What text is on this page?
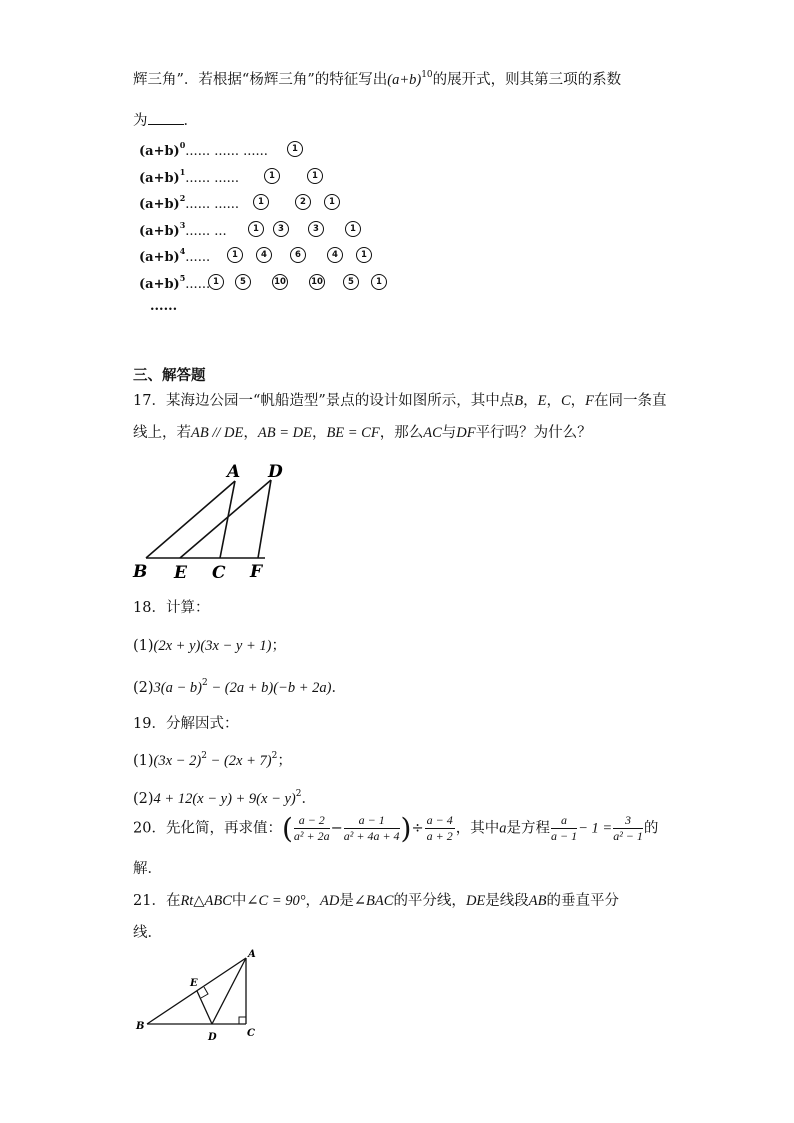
辉三角”．若根据“杨辉三角”的特征写出$(a+b)^{10}$的展开式，则其第三项的系数
为 ．
$(a+b)^0$...... ...... ......	1
$(a+b)^1$...... ......	1	1
$(a+b)^2$...... ......	1	2	1
$(a+b)^3$...... ...	1	3	3	1
$(a+b)^4$......	1	4	6	4	1
$(a+b)^5$...... 1	5	10	10	5	1
......
三、解答题
17．某海边公园一“帆船造型”景点的设计如图所示，其中点B，E，C，F在同一条直
线上，若AB // DE，AB = DE，BE = CF，那么AC与DF平行吗？为什么？
A D
B E C F
18．计算：
(1)(2x + y)(3x − y + 1)；
$(2)3(a - b)^2 - (2a + b)(-b + 2a)$．
19．分解因式：
$(1)(3x - 2)^2 - (2x + 7)^2$；
$(2)4 + 12(x - y) + 9(x - y)^2$．
20．先化简，再求值：( $\frac{a - 2}{\text{a² + 2a}} - \frac{a - 1}{\text{a² + 4a + 4}}$ )÷ $\frac{a - 4}{a + 2}$ ，其中a是方程 $\frac{a}{a - 1} - 1 = \frac{3}{\text{a² − 1}}$ 的
解．
21．在Rt△ABC中∠C = 90°，AD是∠BAC的平分线，DE是线段AB的垂直平分
线．
A
E
B
D	C
